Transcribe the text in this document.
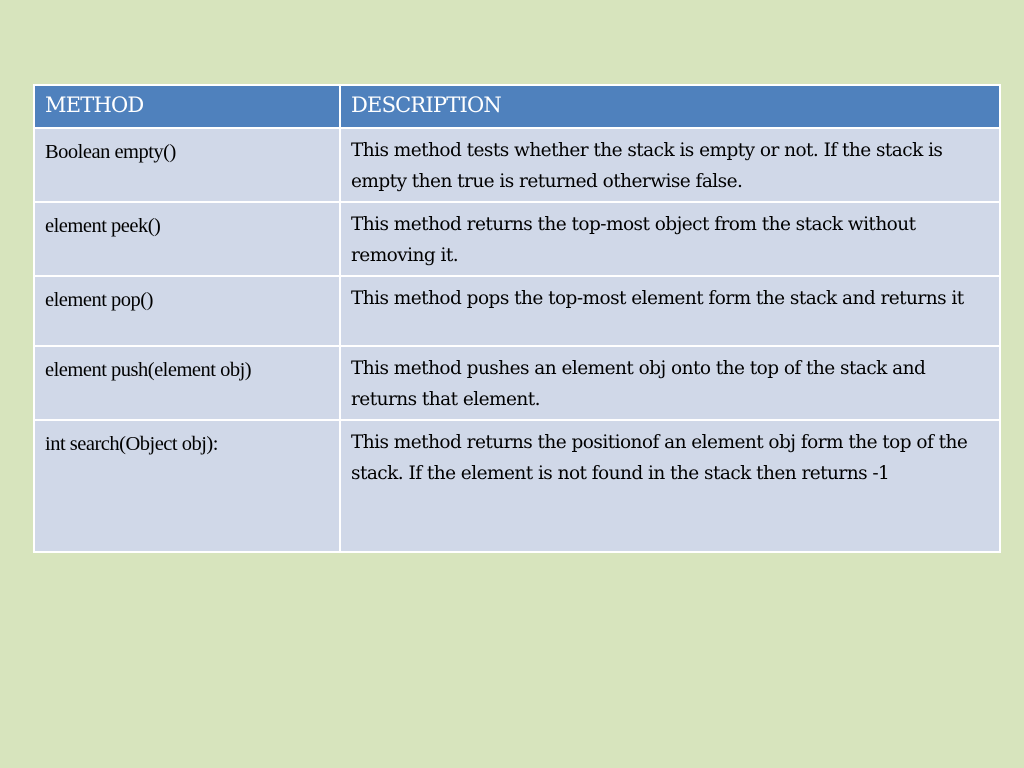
METHOD	DESCRIPTION

Boolean empty()	This method tests whether the stack is empty or not. If the stack is empty then true is returned otherwise false.

element peek()	This method returns the top-most object from the stack without removing it.

element pop()	This method pops the top-most element form the stack and returns it

element push(element obj)	This method pushes an element obj onto the top of the stack and returns that element.

int search(Object obj):	This method returns the positionof an element obj form the top of the stack. If the element is not found in the stack then returns -1
